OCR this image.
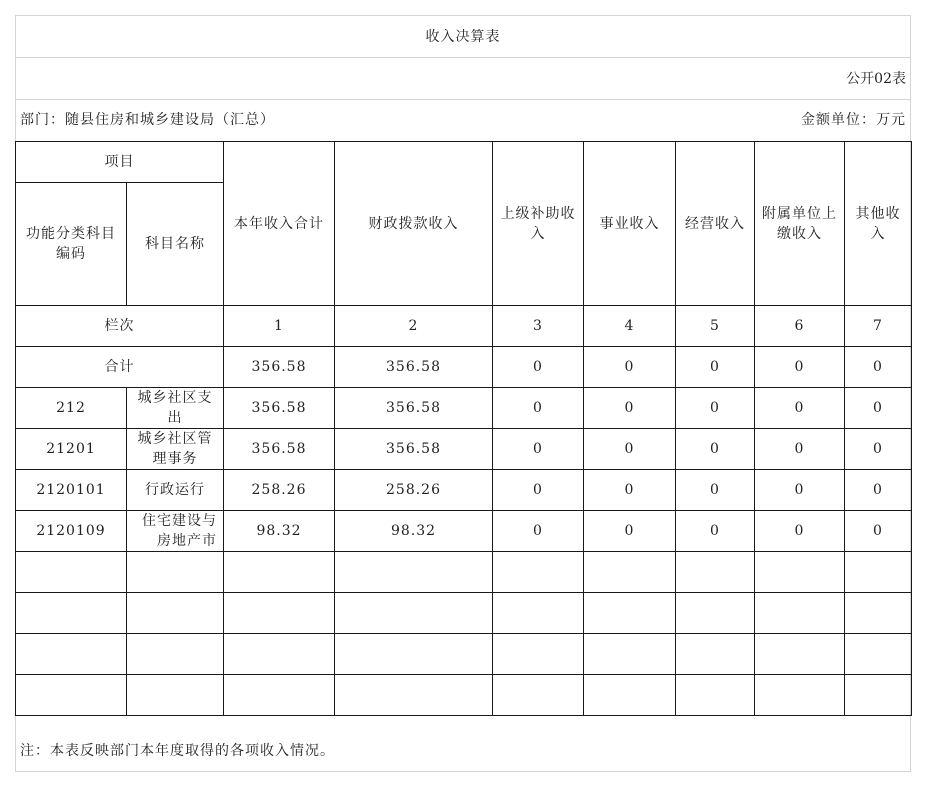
收入决算表
公开02表
部门：随县住房和城乡建设局（汇总）	金额单位：万元
项目		本年收入合计	财政拨款收入	上级补助收入	事业收入	经营收入	附属单位上缴收入	其他收入
功能分类科目编码	科目名称							
栏次		1	2	3	4	5	6	7
合计		356.58	356.58	0	0	0	0	0
212	城乡社区支出	356.58	356.58	0	0	0	0	0
21201	城乡社区管理事务	356.58	356.58	0	0	0	0	0
2120101	行政运行	258.26	258.26	0	0	0	0	0
2120109	住宅建设与房地产市	98.32	98.32	0	0	0	0	0

注：本表反映部门本年度取得的各项收入情况。
